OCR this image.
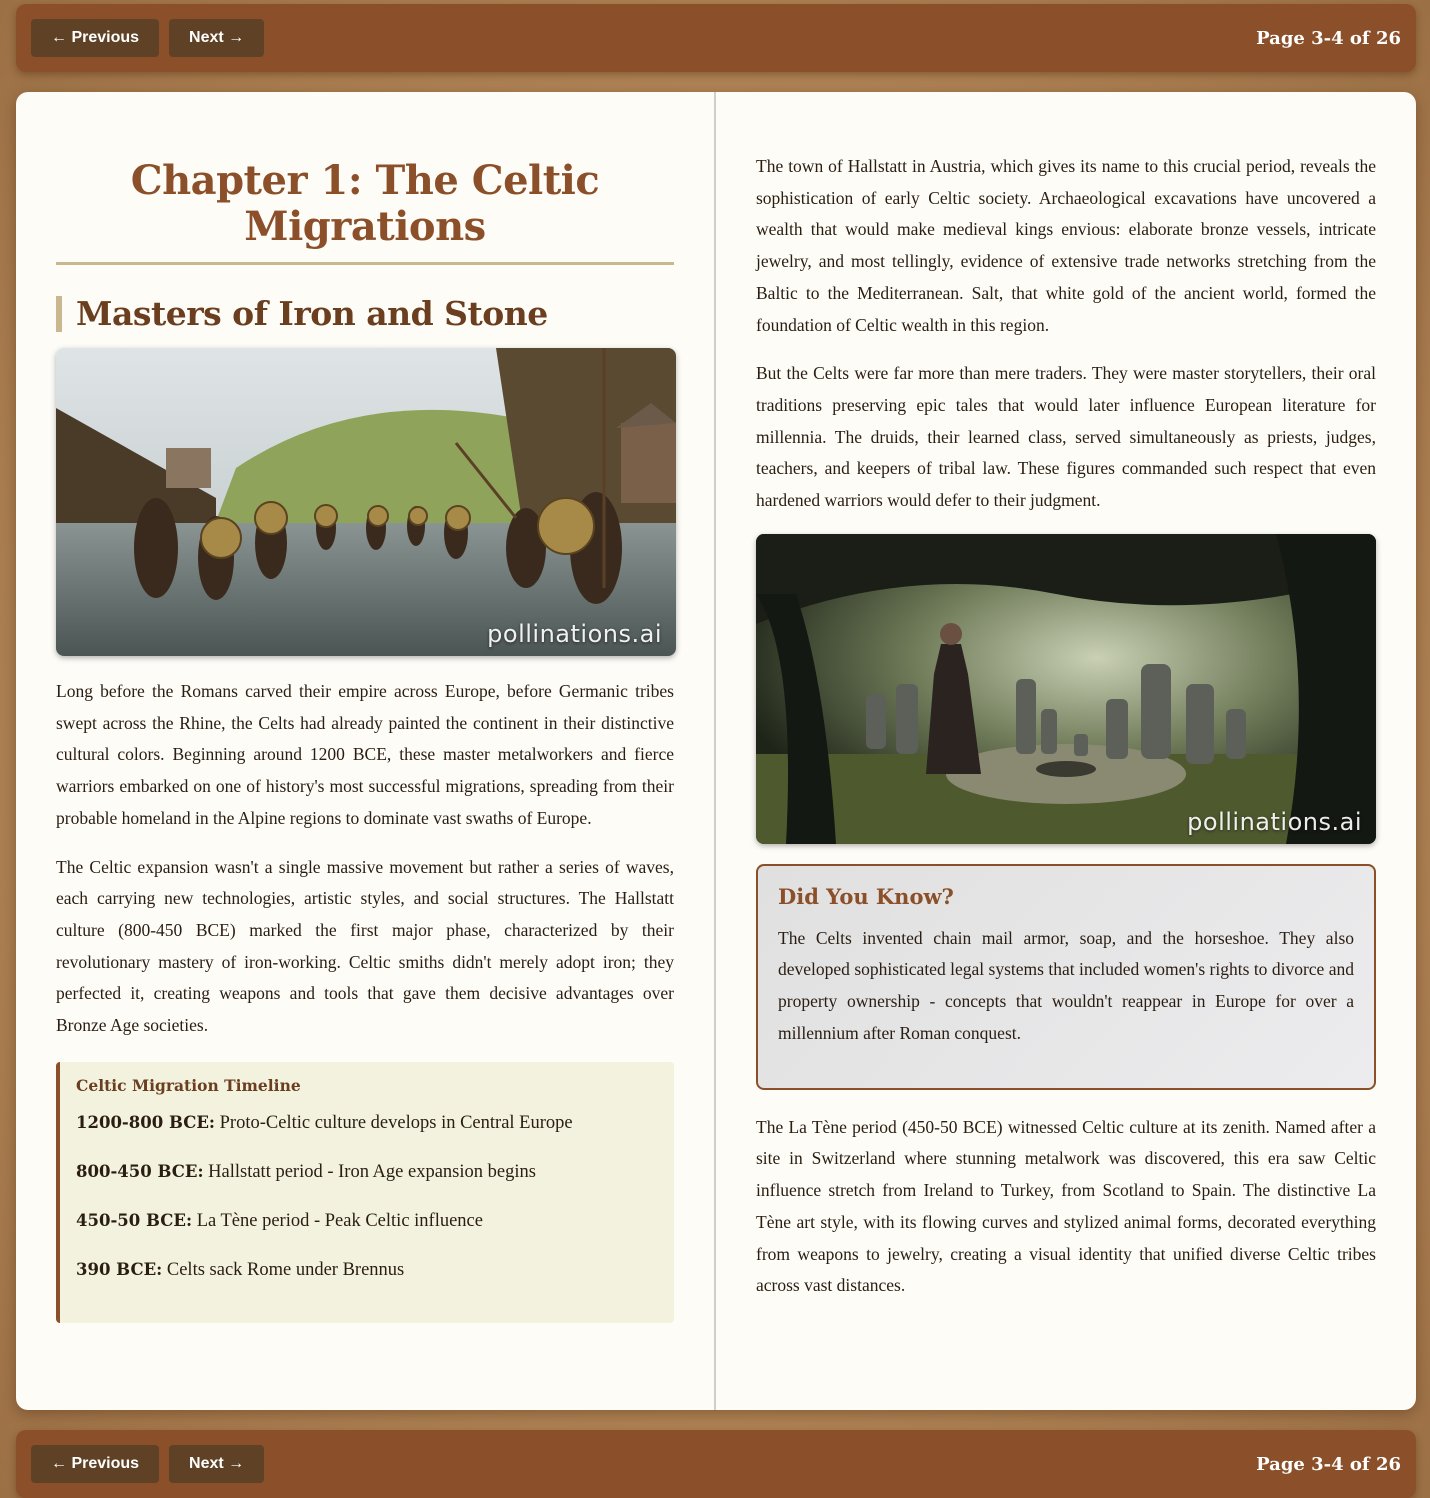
← Previous	Next →	Page 3-4 of 26
Chapter 1: The Celtic Migrations
Masters of Iron and Stone
pollinations.ai

Long before the Romans carved their empire across Europe, before Germanic tribes swept across the Rhine, the Celts had already painted the continent in their distinctive cultural colors. Beginning around 1200 BCE, these master metalworkers and fierce warriors embarked on one of history's most successful migrations, spreading from their probable homeland in the Alpine regions to dominate vast swaths of Europe.

The Celtic expansion wasn't a single massive movement but rather a series of waves, each carrying new technologies, artistic styles, and social structures. The Hallstatt culture (800-450 BCE) marked the first major phase, characterized by their revolutionary mastery of iron-working. Celtic smiths didn't merely adopt iron; they perfected it, creating weapons and tools that gave them decisive advantages over Bronze Age societies.

Celtic Migration Timeline
1200-800 BCE: Proto-Celtic culture develops in Central Europe
800-450 BCE: Hallstatt period - Iron Age expansion begins
450-50 BCE: La Tène period - Peak Celtic influence
390 BCE: Celts sack Rome under Brennus

The town of Hallstatt in Austria, which gives its name to this crucial period, reveals the sophistication of early Celtic society. Archaeological excavations have uncovered a wealth that would make medieval kings envious: elaborate bronze vessels, intricate jewelry, and most tellingly, evidence of extensive trade networks stretching from the Baltic to the Mediterranean. Salt, that white gold of the ancient world, formed the foundation of Celtic wealth in this region.

But the Celts were far more than mere traders. They were master storytellers, their oral traditions preserving epic tales that would later influence European literature for millennia. The druids, their learned class, served simultaneously as priests, judges, teachers, and keepers of tribal law. These figures commanded such respect that even hardened warriors would defer to their judgment.

pollinations.ai
Did You Know?

The Celts invented chain mail armor, soap, and the horseshoe. They also developed sophisticated legal systems that included women's rights to divorce and property ownership - concepts that wouldn't reappear in Europe for over a millennium after Roman conquest.

The La Tène period (450-50 BCE) witnessed Celtic culture at its zenith. Named after a site in Switzerland where stunning metalwork was discovered, this era saw Celtic influence stretch from Ireland to Turkey, from Scotland to Spain. The distinctive La Tène art style, with its flowing curves and stylized animal forms, decorated everything from weapons to jewelry, creating a visual identity that unified diverse Celtic tribes across vast distances.

← Previous	Next →	Page 3-4 of 26
